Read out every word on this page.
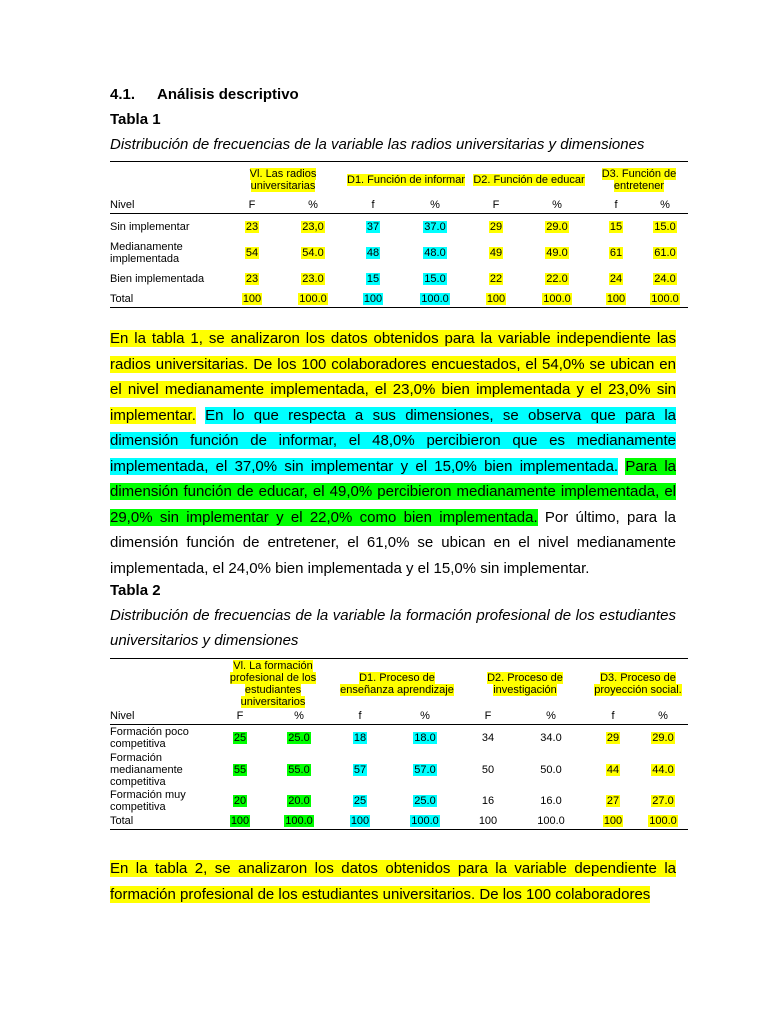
4.1. Análisis descriptivo
Tabla 1
Distribución de frecuencias de la variable las radios universitarias y dimensiones
	Vl. Las radios universitarias		D1. Función de informar		D2. Función de educar		D3. Función de entretener	
Nivel	F	%	f	%	F	%	f	%
Sin implementar	23	23,0	37	37.0	29	29.0	15	15.0
Medianamente implementada	54	54.0	48	48.0	49	49.0	61	61.0
Bien implementada	23	23.0	15	15.0	22	22.0	24	24.0
Total	100	100.0	100	100.0	100	100.0	100	100.0
En la tabla 1, se analizaron los datos obtenidos para la variable independiente las radios universitarias. De los 100 colaboradores encuestados, el 54,0% se ubican en el nivel medianamente implementada, el 23,0% bien implementada y el 23,0% sin implementar. En lo que respecta a sus dimensiones, se observa que para la dimensión función de informar, el 48,0% percibieron que es medianamente implementada, el 37,0% sin implementar y el 15,0% bien implementada. Para la dimensión función de educar, el 49,0% percibieron medianamente implementada, el 29,0% sin implementar y el 22,0% como bien implementada. Por último, para la dimensión función de entretener, el 61,0% se ubican en el nivel medianamente implementada, el 24,0% bien implementada y el 15,0% sin implementar.
Tabla 2
Distribución de frecuencias de la variable la formación profesional de los estudiantes universitarios y dimensiones
	Vl. La formación profesional de los estudiantes universitarios		D1. Proceso de enseñanza aprendizaje		D2. Proceso de investigación		D3. Proceso de proyección social.	
Nivel	F	%	f	%	F	%	f	%
Formación poco competitiva	25	25.0	18	18.0	34	34.0	29	29.0
Formación medianamente competitiva	55	55.0	57	57.0	50	50.0	44	44.0
Formación muy competitiva	20	20.0	25	25.0	16	16.0	27	27.0
Total	100	100.0	100	100.0	100	100.0	100	100.0
En la tabla 2, se analizaron los datos obtenidos para la variable dependiente la formación profesional de los estudiantes universitarios. De los 100 colaboradores
